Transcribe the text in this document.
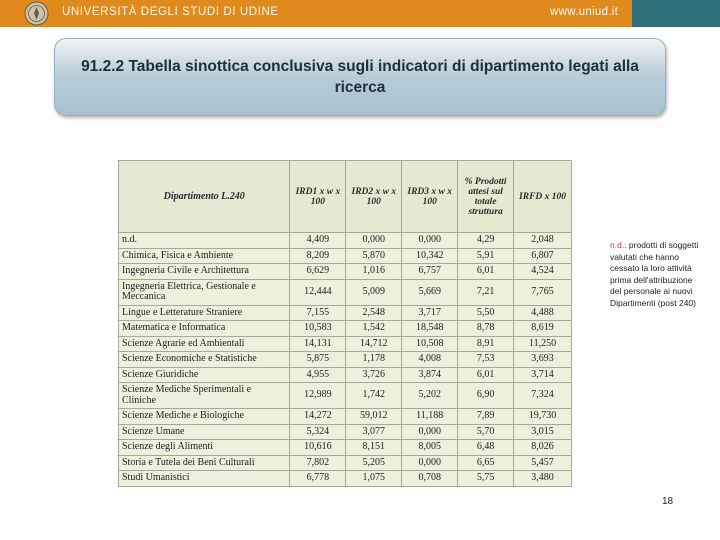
UNIVERSITÀ DEGLI STUDI DI UDINE	www.uniud.it
91.2.2 Tabella sinottica conclusiva sugli indicatori di dipartimento legati alla ricerca
Dipartimento L.240	IRD1 x w x 100	IRD2 x w x 100	IRD3 x w x 100	% Prodotti attesi sul totale struttura	IRFD x 100
n.d.	4,409	0,000	0,000	4,29	2,048
Chimica, Fisica e Ambiente	8,209	5,870	10,342	5,91	6,807
Ingegneria Civile e Architettura	6,629	1,016	6,757	6,01	4,524
Ingegneria Elettrica, Gestionale e Meccanica	12,444	5,009	5,669	7,21	7,765
Lingue e Letterature Straniere	7,155	2,548	3,717	5,50	4,488
Matematica e Informatica	10,583	1,542	18,548	8,78	8,619
Scienze Agrarie ed Ambientali	14,131	14,712	10,508	8,91	11,250
Scienze Economiche e Statistiche	5,875	1,178	4,008	7,53	3,693
Scienze Giuridiche	4,955	3,726	3,874	6,01	3,714
Scienze Mediche Sperimentali e Cliniche	12,989	1,742	5,202	6,90	7,324
Scienze Mediche e Biologiche	14,272	59,012	11,188	7,89	19,730
Scienze Umane	5,324	3,077	0,000	5,70	3,015
Scienze degli Alimenti	10,616	8,151	8,005	6,48	8,026
Storia e Tutela dei Beni Culturali	7,802	5,205	0,000	6,65	5,457
Studi Umanistici	6,778	1,075	0,708	5,75	3,480
n.d.: prodotti di soggetti valutati che hanno cessato la loro attività prima dell'attribuzione del personale ai nuovi Dipartimenti (post 240)
18
